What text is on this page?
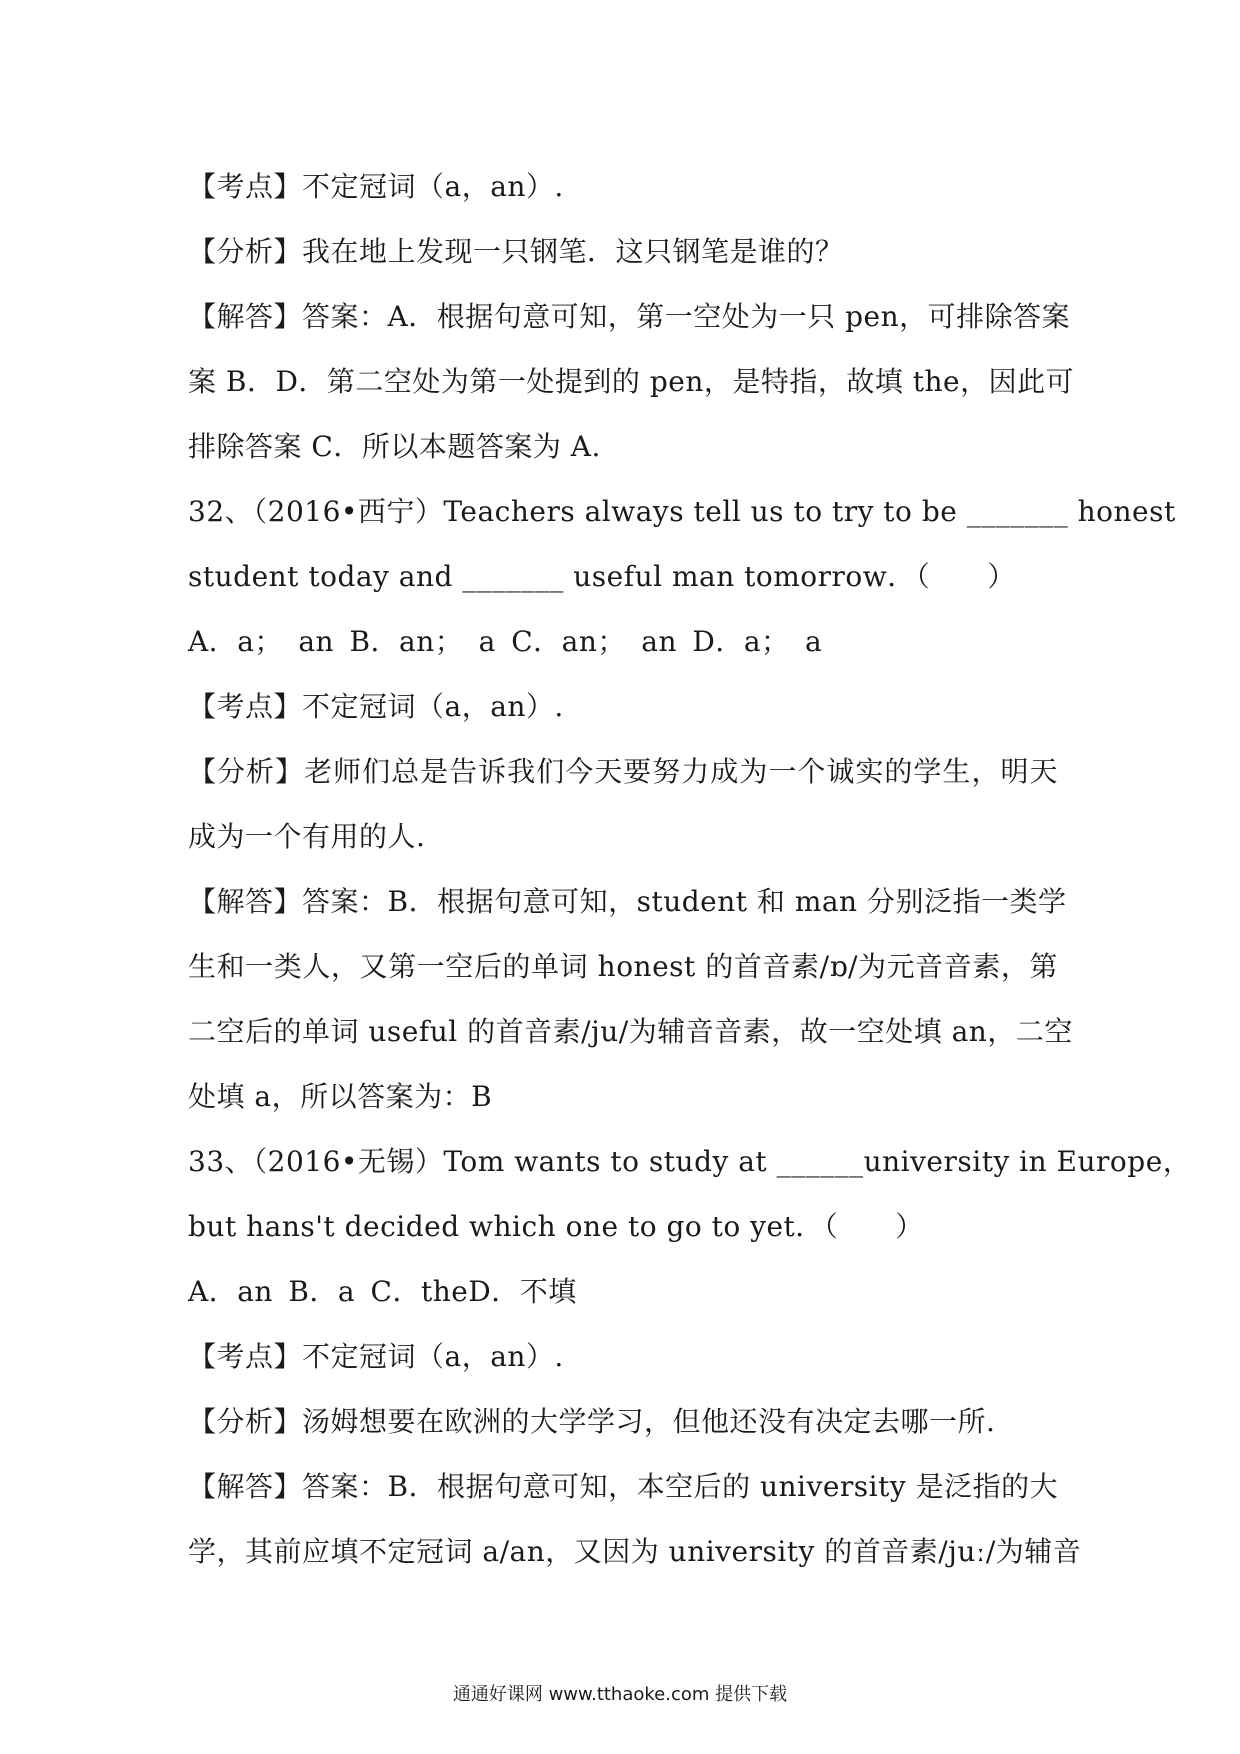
【考点】不定冠词（a，an）.
【分析】我在地上发现一只钢笔．这只钢笔是谁的？
【解答】答案：A．根据句意可知，第一空处为一只 pen，可排除答案
案 B．D．第二空处为第一处提到的 pen，是特指，故填 the，因此可
排除答案 C．所以本题答案为 A.
32、（2016•西宁）Teachers always tell us to try to be _______ honest
student today and _______ useful man tomorrow．（　　）
A．a； an B．an； a C．an； an D．a； a
【考点】不定冠词（a，an）.
【分析】老师们总是告诉我们今天要努力成为一个诚实的学生，明天
成为一个有用的人.
【解答】答案：B．根据句意可知，student 和 man 分别泛指一类学
生和一类人，又第一空后的单词 honest 的首音素/ɒ/为元音音素，第
二空后的单词 useful 的首音素/ju/为辅音音素，故一空处填 an，二空
处填 a，所以答案为：B
33、（2016•无锡）Tom wants to study at ______university in Europe，
but hans't decided which one to go to yet．（　　）
A．an B．a C．theD．不填
【考点】不定冠词（a，an）.
【分析】汤姆想要在欧洲的大学学习，但他还没有决定去哪一所.
【解答】答案：B．根据句意可知，本空后的 university 是泛指的大
学，其前应填不定冠词 a/an，又因为 university 的首音素/juː/为辅音
通通好课网 www.tthaoke.com 提供下载
